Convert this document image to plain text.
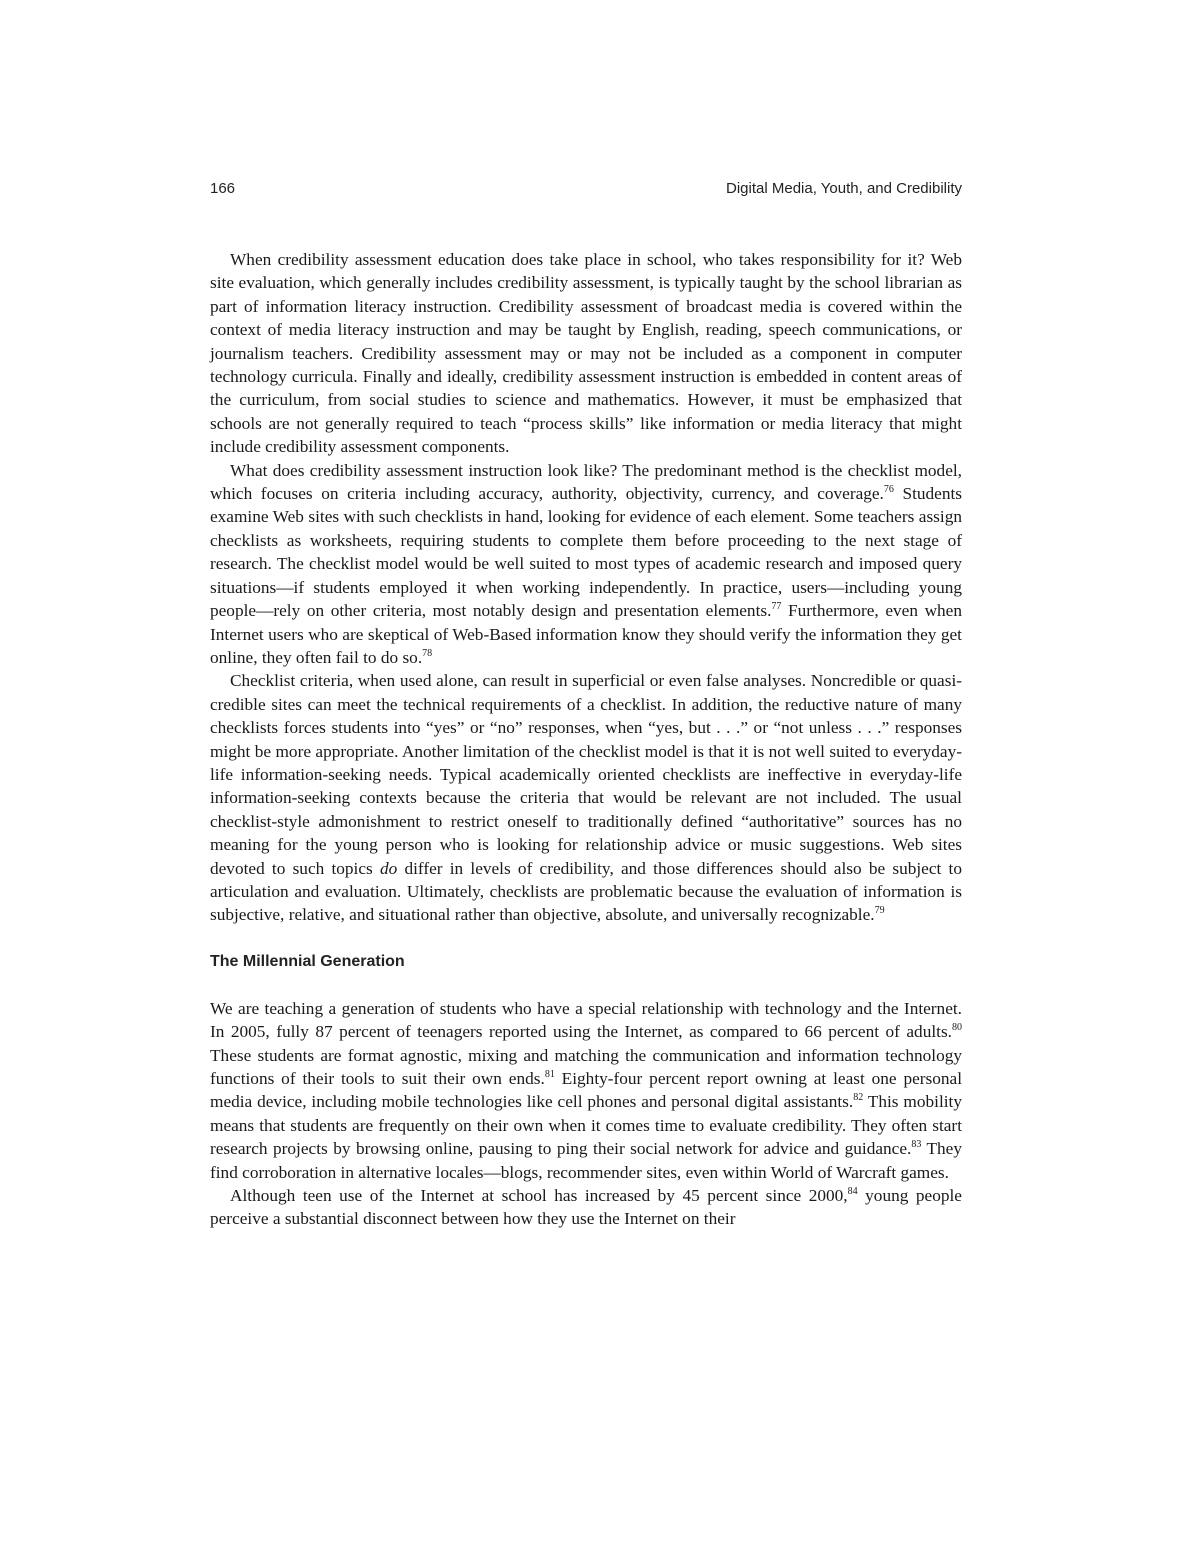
166	Digital Media, Youth, and Credibility

When credibility assessment education does take place in school, who takes responsibility for it? Web site evaluation, which generally includes credibility assessment, is typically taught by the school librarian as part of information literacy instruction. Credibility assessment of broadcast media is covered within the context of media literacy instruction and may be taught by English, reading, speech communications, or journalism teachers. Credibility assessment may or may not be included as a component in computer technology curricula. Finally and ideally, credibility assessment instruction is embedded in content areas of the curriculum, from social studies to science and mathematics. However, it must be emphasized that schools are not generally required to teach “process skills” like information or media literacy that might include credibility assessment components.

What does credibility assessment instruction look like? The predominant method is the checklist model, which focuses on criteria including accuracy, authority, objectivity, currency, and coverage.$^{76}$ Students examine Web sites with such checklists in hand, looking for evidence of each element. Some teachers assign checklists as worksheets, requiring students to complete them before proceeding to the next stage of research. The checklist model would be well suited to most types of academic research and imposed query situations—if students employed it when working independently. In practice, users—including young people—rely on other criteria, most notably design and presentation elements.$^{77}$ Furthermore, even when Internet users who are skeptical of Web-Based information know they should verify the information they get online, they often fail to do so.$^{78}$

Checklist criteria, when used alone, can result in superficial or even false analyses. Noncredible or quasi-credible sites can meet the technical requirements of a checklist. In addition, the reductive nature of many checklists forces students into “yes” or “no” responses, when “yes, but . . .” or “not unless . . .” responses might be more appropriate. Another limitation of the checklist model is that it is not well suited to everyday-life information-seeking needs. Typical academically oriented checklists are ineffective in everyday-life information-seeking contexts because the criteria that would be relevant are not included. The usual checklist-style admonishment to restrict oneself to traditionally defined “authoritative” sources has no meaning for the young person who is looking for relationship advice or music suggestions. Web sites devoted to such topics do differ in levels of credibility, and those differences should also be subject to articulation and evaluation. Ultimately, checklists are problematic because the evaluation of information is subjective, relative, and situational rather than objective, absolute, and universally recognizable.$^{79}$

The Millennial Generation

We are teaching a generation of students who have a special relationship with technology and the Internet. In 2005, fully 87 percent of teenagers reported using the Internet, as compared to 66 percent of adults.$^{80}$ These students are format agnostic, mixing and matching the communication and information technology functions of their tools to suit their own ends.$^{81}$ Eighty-four percent report owning at least one personal media device, including mobile technologies like cell phones and personal digital assistants.$^{82}$ This mobility means that students are frequently on their own when it comes time to evaluate credibility. They often start research projects by browsing online, pausing to ping their social network for advice and guidance.$^{83}$ They find corroboration in alternative locales—blogs, recommender sites, even within World of Warcraft games.

Although teen use of the Internet at school has increased by 45 percent since 2000,84 young people perceive a substantial disconnect between how they use the Internet on their
